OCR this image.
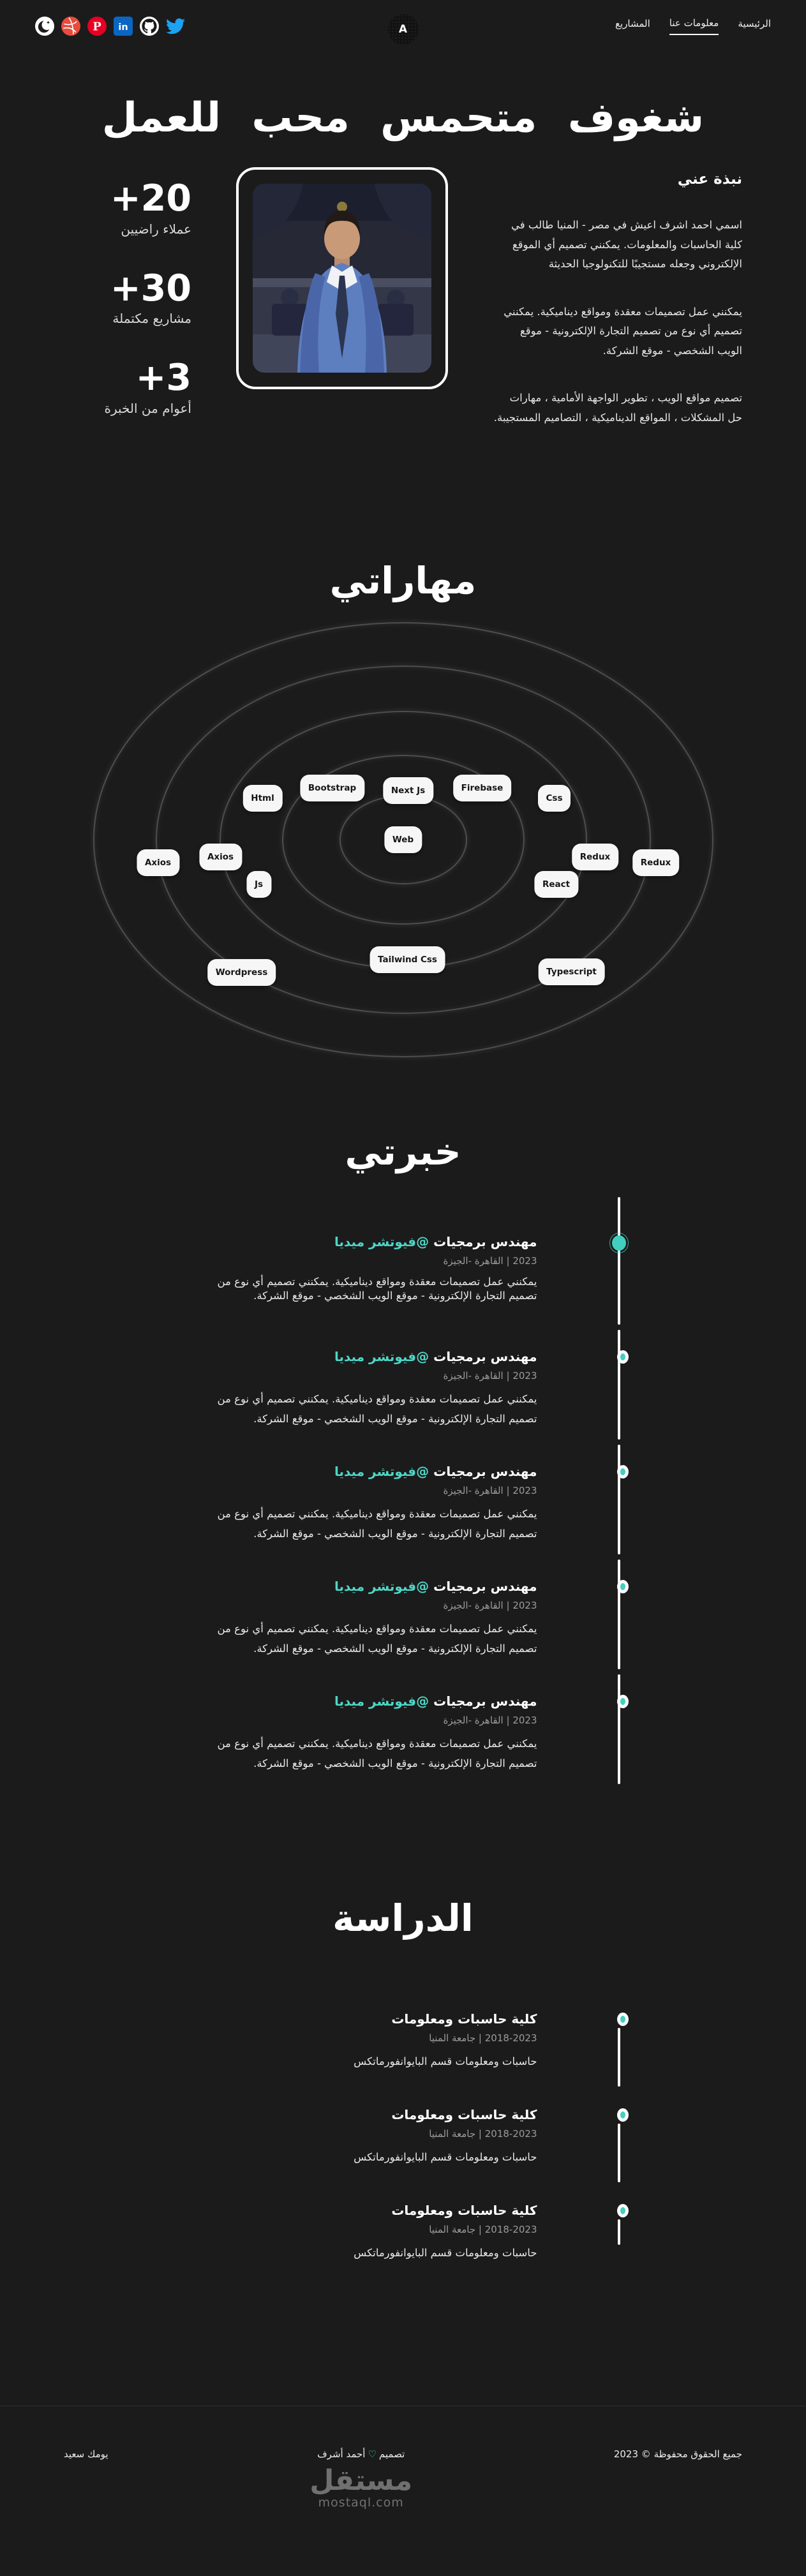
P in	A	الرئيسية
معلومات عنا
المشاريع
شغوف متحمس محب للعمل
نبذة عني

اسمي احمد اشرف اعيش في مصر - المنيا طالب في كلية الحاسبات والمعلومات. يمكنني تصميم أي الموقع الإلكتروني وجعله مستجيبًا للتكنولوجيا الحديثة

يمكنني عمل تصميمات معقدة ومواقع ديناميكية. يمكنني تصميم أي نوع من تصميم التجارة الإلكترونية - موقع الويب الشخصي - موقع الشركة.

تصميم مواقع الويب ، تطوير الواجهة الأمامية ، مهارات حل المشكلات ، المواقع الديناميكية ، التصاميم المستجيبة.

20+
عملاء راضيين
30+
مشاريع مكتملة
3+
أعوام من الخبرة
مهاراتي
Html
Bootstrap	Next Js	Firebase
Css
Axios
Axios
Js
Redux
Redux
React
Web
Wordpress
Tailwind Css
Typescript
خبرتي
مهندس برمجيات @فيوتشر ميديا
2023 | القاهرة -الجيزة
يمكنني عمل تصميمات معقدة ومواقع ديناميكية. يمكنني تصميم أي نوع من تصميم التجارة الإلكترونية - موقع الويب الشخصي - موقع الشركة.
مهندس برمجيات @فيوتشر ميديا
2023 | القاهرة -الجيزة
يمكنني عمل تصميمات معقدة ومواقع ديناميكية. يمكنني تصميم أي نوع من تصميم التجارة الإلكترونية - موقع الويب الشخصي - موقع الشركة.
مهندس برمجيات @فيوتشر ميديا
2023 | القاهرة -الجيزة
يمكنني عمل تصميمات معقدة ومواقع ديناميكية. يمكنني تصميم أي نوع من تصميم التجارة الإلكترونية - موقع الويب الشخصي - موقع الشركة.
مهندس برمجيات @فيوتشر ميديا
2023 | القاهرة -الجيزة
يمكنني عمل تصميمات معقدة ومواقع ديناميكية. يمكنني تصميم أي نوع من تصميم التجارة الإلكترونية - موقع الويب الشخصي - موقع الشركة.
مهندس برمجيات @فيوتشر ميديا
2023 | القاهرة -الجيزة
يمكنني عمل تصميمات معقدة ومواقع ديناميكية. يمكنني تصميم أي نوع من تصميم التجارة الإلكترونية - موقع الويب الشخصي - موقع الشركة.
الدراسة
كلية حاسبات ومعلومات
2018-2023 | جامعة المنيا
حاسبات ومعلومات قسم البايوانفورماتكس
كلية حاسبات ومعلومات
2018-2023 | جامعة المنيا
حاسبات ومعلومات قسم البايوانفورماتكس
كلية حاسبات ومعلومات
2018-2023 | جامعة المنيا
حاسبات ومعلومات قسم البايوانفورماتكس
جميع الحقوق محفوظة © 2023
تصميم♡أحمد أشرف
مستقل
mostaql.com
يومك سعيد
